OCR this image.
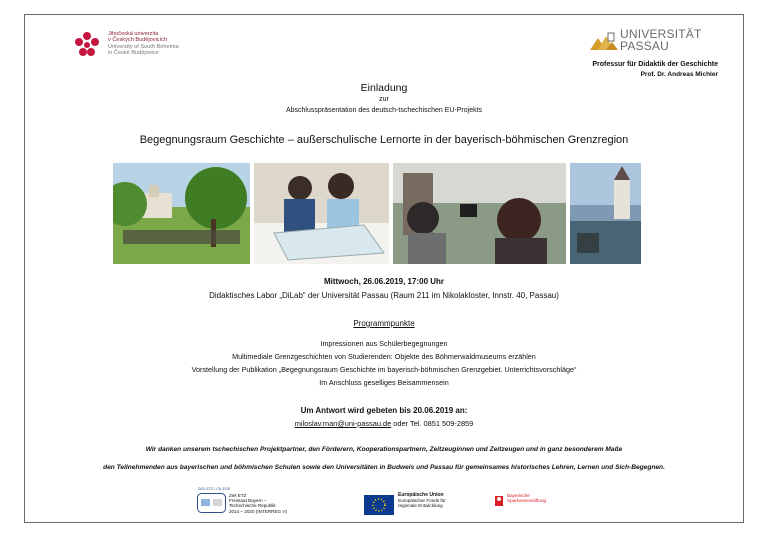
Jihočeská univerzita
v Českých Budějovicích
University of South Bohemia
in České Budějovice
UNIVERSITÄT
PASSAU
Professur für Didaktik der Geschichte
Prof. Dr. Andreas Michler
Einladung
zur
Abschlusspräsentation des deutsch-tschechischen EU-Projekts
Begegnungsraum Geschichte – außerschulische Lernorte in der bayerisch-böhmischen Grenzregion
Mittwoch, 26.06.2019, 17:00 Uhr
Didaktisches Labor „DiLab“ der Universität Passau (Raum 211 im Nikolakloster, Innstr. 40, Passau)
Programmpunkte
Impressionen aus Schülerbegegnungen
Multimediale Grenzgeschichten von Studierenden: Objekte des Böhmerwaldmuseums erzählen
Vorstellung der Publikation „Begegnungsraum Geschichte im bayerisch-böhmischen Grenzgebiet. Unterrichtsvorschläge“
Im Anschluss geselliges Beisammensein
Um Antwort wird gebeten bis 20.06.2019 an:
miloslav.man@uni-passau.de oder Tel. 0851 509-2859
Wir danken unserem tschechischen Projektpartner, den Förderern, Kooperationspartnern, Zeitzeuginnen und Zeitzeugen und in ganz besonderem Maße
den Teilnehmenden aus bayerischen und böhmischen Schulen sowie den Universitäten in Budweis und Passau für gemeinsames historisches Lehren, Lernen und Sich-Begegnen.
ZIEL ETZ / CÍL EÚS
Ziel ETZ
Freistaat Bayern –
Tschechische Republik
2014 – 2020 (INTERREG V)
Europäische Union
Europäischer Fonds für
regionale Entwicklung
Bayerische
Sparkassenstiftung
